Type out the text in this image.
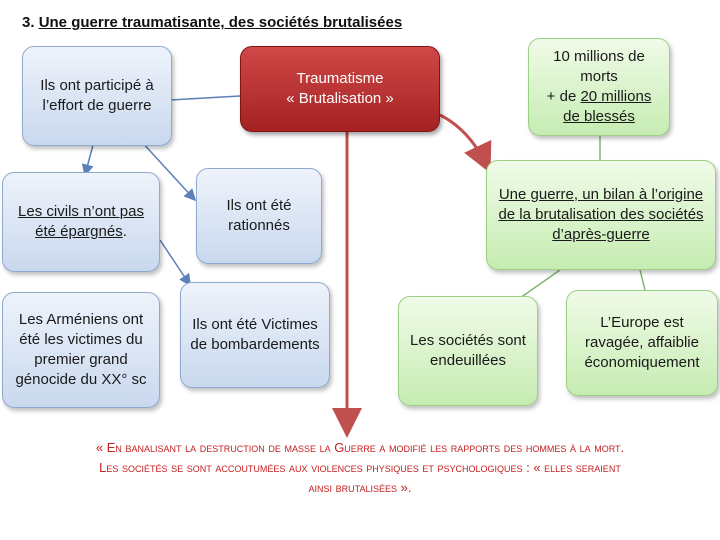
3. Une guerre traumatisante, des sociétés brutalisées
Traumatisme
« Brutalisation »
Ils ont participé à l’effort de guerre
Les civils n’ont pas été épargnés.
Les Arméniens ont été les victimes du premier grand génocide du XX° sc
Ils ont été rationnés
Ils ont été Victimes de bombardements
10 millions de morts
+ de 20 millions
de blessés
Une guerre, un bilan à l’origine de la brutalisation des sociétés d’après-guerre
Les sociétés sont endeuillées
L’Europe est ravagée, affaiblie économiquement
« En banalisant la destruction de masse la Guerre a modifié les rapports des hommes à la mort.
Les sociétés se sont accoutumées aux violences physiques et psychologiques : « elles seraient
ainsi brutalisées ».
